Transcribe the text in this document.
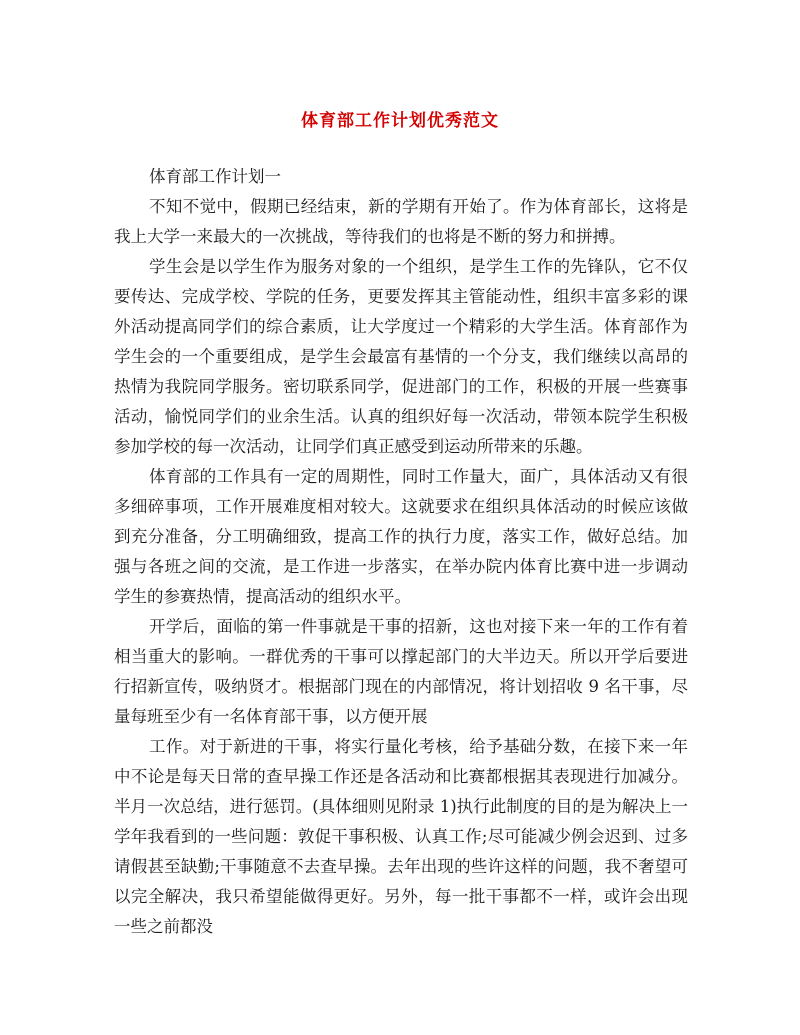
体育部工作计划优秀范文

体育部工作计划一

不知不觉中，假期已经结束，新的学期有开始了。作为体育部长，这将是我上大学一来最大的一次挑战，等待我们的也将是不断的努力和拼搏。

学生会是以学生作为服务对象的一个组织，是学生工作的先锋队，它不仅要传达、完成学校、学院的任务，更要发挥其主管能动性，组织丰富多彩的课外活动提高同学们的综合素质，让大学度过一个精彩的大学生活。体育部作为学生会的一个重要组成，是学生会最富有基情的一个分支，我们继续以高昂的热情为我院同学服务。密切联系同学，促进部门的工作，积极的开展一些赛事活动，愉悦同学们的业余生活。认真的组织好每一次活动，带领本院学生积极参加学校的每一次活动，让同学们真正感受到运动所带来的乐趣。

体育部的工作具有一定的周期性，同时工作量大，面广，具体活动又有很多细碎事项，工作开展难度相对较大。这就要求在组织具体活动的时候应该做到充分准备，分工明确细致，提高工作的执行力度，落实工作，做好总结。加强与各班之间的交流，是工作进一步落实，在举办院内体育比赛中进一步调动学生的参赛热情，提高活动的组织水平。

开学后，面临的第一件事就是干事的招新，这也对接下来一年的工作有着相当重大的影响。一群优秀的干事可以撑起部门的大半边天。所以开学后要进行招新宣传，吸纳贤才。根据部门现在的内部情况，将计划招收 9 名干事，尽量每班至少有一名体育部干事，以方便开展

工作。对于新进的干事，将实行量化考核，给予基础分数，在接下来一年中不论是每天日常的查早操工作还是各活动和比赛都根据其表现进行加减分。半月一次总结，进行惩罚。(具体细则见附录 1)执行此制度的目的是为解决上一学年我看到的一些问题：敦促干事积极、认真工作;尽可能减少例会迟到、过多请假甚至缺勤;干事随意不去查早操。去年出现的些许这样的问题，我不奢望可以完全解决，我只希望能做得更好。另外，每一批干事都不一样，或许会出现一些之前都没
